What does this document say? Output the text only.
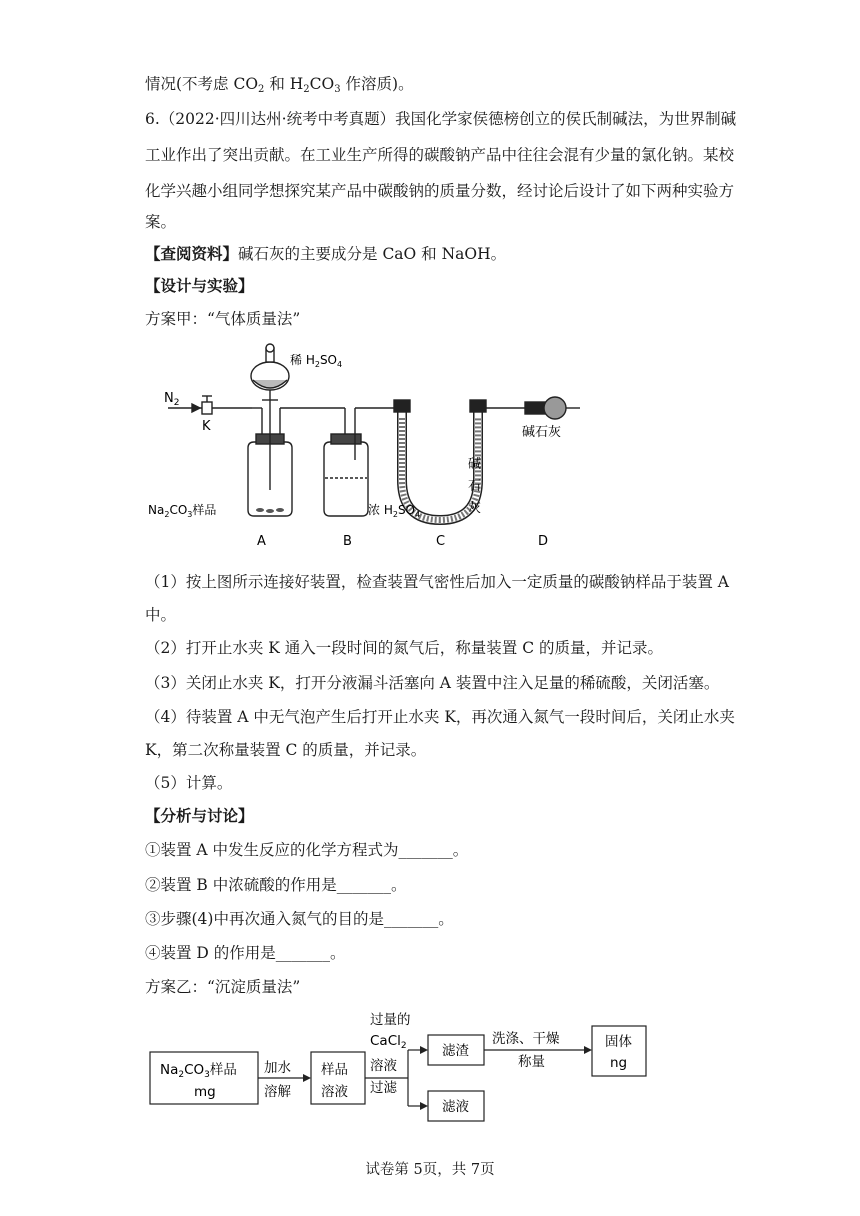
情况(不考虑 $CO_2$ 和 $H_2CO_3$ 作溶质)。
6.（2022·四川达州·统考中考真题）我国化学家侯德榜创立的侯氏制碱法，为世界制碱
工业作出了突出贡献。在工业生产所得的碳酸钠产品中往往会混有少量的氯化钠。某校
化学兴趣小组同学想探究某产品中碳酸钠的质量分数，经讨论后设计了如下两种实验方
案。
【查阅资料】碱石灰的主要成分是 CaO 和 NaOH。
【设计与实验】
方案甲：“气体质量法”
$N_2$
K
稀 $H_2SO_4$
$Na_2CO_3$样品	浓 $H_2SO_4$
碱
石
灰
碱石灰
A	B	C	D
（1）按上图所示连接好装置，检查装置气密性后加入一定质量的碳酸钠样品于装置 A
中。
（2）打开止水夹 K 通入一段时间的氮气后，称量装置 C 的质量，并记录。
（3）关闭止水夹 K，打开分液漏斗活塞向 A 装置中注入足量的稀硫酸，关闭活塞。
（4）待装置 A 中无气泡产生后打开止水夹 K，再次通入氮气一段时间后，关闭止水夹
K，第二次称量装置 C 的质量，并记录。
（5）计算。
【分析与讨论】
①装置 A 中发生反应的化学方程式为_______。
②装置 B 中浓硫酸的作用是_______。
③步骤(4)中再次通入氮气的目的是_______。
④装置 D 的作用是_______。
方案乙：“沉淀质量法”
$Na_2CO_3$样品
mg
加水
溶解
样品
溶液
过量的
CaCl$_2$
溶液
过滤
滤渣
滤液
洗涤、干燥
称量
固体
ng
试卷第 5页，共 7页
